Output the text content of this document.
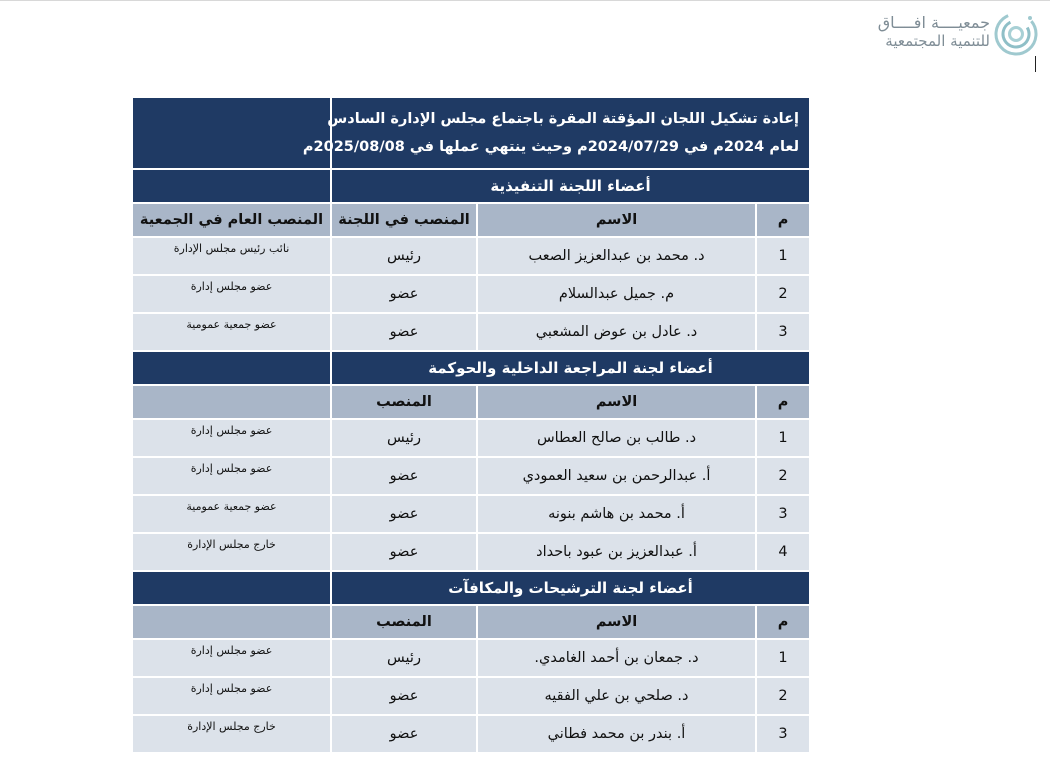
جمعيــــة افــــاق
للتنمية المجتمعية
إعادة تشكيل اللجان المؤقتة المقرة باجتماع مجلس الإدارة السادس
لعام 2024م في 2024/07/29م وحيث ينتهي عملها في 2025/08/08م			

أعضاء اللجنة التنفيذية			
م	الاسم	المنصب في اللجنة	المنصب العام في الجمعية
1	د. محمد بن عبدالعزيز الصعب	رئيس	نائب رئيس مجلس الإدارة
2	م. جميل عبدالسلام	عضو	عضو مجلس إدارة
3	د. عادل بن عوض المشعبي	عضو	عضو جمعية عمومية
أعضاء لجنة المراجعة الداخلية والحوكمة			
م	الاسم	المنصب	
1	د. طالب بن صالح العطاس	رئيس	عضو مجلس إدارة
2	أ. عبدالرحمن بن سعيد العمودي	عضو	عضو مجلس إدارة
3	أ. محمد بن هاشم بنونه	عضو	عضو جمعية عمومية
4	أ. عبدالعزيز بن عبود باحداد	عضو	خارج مجلس الإدارة
أعضاء لجنة الترشيحات والمكافآت			
م	الاسم	المنصب	
1	د. جمعان بن أحمد الغامدي.	رئيس	عضو مجلس إدارة
2	د. صلحي بن علي الفقيه	عضو	عضو مجلس إدارة
3	أ. بندر بن محمد فطاني	عضو	خارج مجلس الإدارة
